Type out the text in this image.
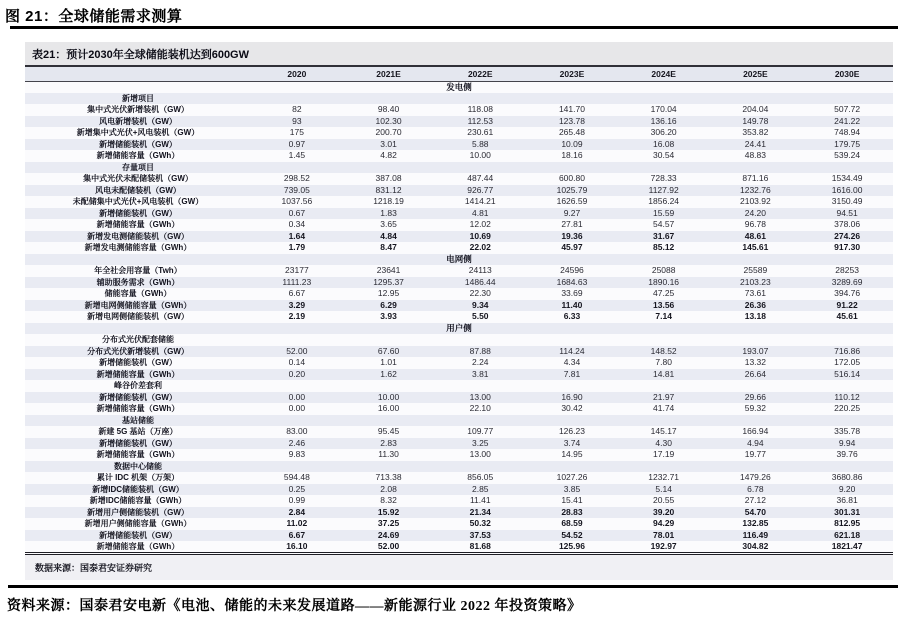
图 21：全球储能需求测算
表21：预计2030年全球储能装机达到600GW
	2020	2021E	2022E	2023E	2024E	2025E	2030E
发电侧							
新增项目							
集中式光伏新增装机（GW）	82	98.40	118.08	141.70	170.04	204.04	507.72
风电新增装机（GW）	93	102.30	112.53	123.78	136.16	149.78	241.22
新增集中式光伏+风电装机（GW）	175	200.70	230.61	265.48	306.20	353.82	748.94
新增储能装机（GW）	0.97	3.01	5.88	10.09	16.08	24.41	179.75
新增储能容量（GWh）	1.45	4.82	10.00	18.16	30.54	48.83	539.24
存量项目							
集中式光伏未配储装机（GW）	298.52	387.08	487.44	600.80	728.33	871.16	1534.49
风电未配储装机（GW）	739.05	831.12	926.77	1025.79	1127.92	1232.76	1616.00
未配储集中式光伏+风电装机（GW）	1037.56	1218.19	1414.21	1626.59	1856.24	2103.92	3150.49
新增储能装机（GW）	0.67	1.83	4.81	9.27	15.59	24.20	94.51
新增储能容量（GWh）	0.34	3.65	12.02	27.81	54.57	96.78	378.06
新增发电测储能装机（GW）	1.64	4.84	10.69	19.36	31.67	48.61	274.26
新增发电测储能容量（GWh）	1.79	8.47	22.02	45.97	85.12	145.61	917.30
电网侧							
年全社会用容量（Twh）	23177	23641	24113	24596	25088	25589	28253
辅助服务需求（GWh）	1111.23	1295.37	1486.44	1684.63	1890.16	2103.23	3289.69
储能容量（GWh）	6.67	12.95	22.30	33.69	47.25	73.61	394.76
新增电网侧储能容量（GWh）	3.29	6.29	9.34	11.40	13.56	26.36	91.22
新增电网侧储能装机（GW）	2.19	3.93	5.50	6.33	7.14	13.18	45.61
用户侧							
分布式光伏配套储能							
分布式光伏新增装机（GW）	52.00	67.60	87.88	114.24	148.52	193.07	716.86
新增储能装机（GW）	0.14	1.01	2.24	4.34	7.80	13.32	172.05
新增储能容量（GWh）	0.20	1.62	3.81	7.81	14.81	26.64	516.14
峰谷价差套利							
新增储能装机（GW）	0.00	10.00	13.00	16.90	21.97	29.66	110.12
新增储能容量（GWh）	0.00	16.00	22.10	30.42	41.74	59.32	220.25
基站储能							
新建 5G 基站（万座）	83.00	95.45	109.77	126.23	145.17	166.94	335.78
新增储能装机（GW）	2.46	2.83	3.25	3.74	4.30	4.94	9.94
新增储能容量（GWh）	9.83	11.30	13.00	14.95	17.19	19.77	39.76
数据中心储能							
累计 IDC 机架（万架）	594.48	713.38	856.05	1027.26	1232.71	1479.26	3680.86
新增IDC储能装机（GW）	0.25	2.08	2.85	3.85	5.14	6.78	9.20
新增IDC储能容量（GWh）	0.99	8.32	11.41	15.41	20.55	27.12	36.81
新增用户侧储能装机（GW）	2.84	15.92	21.34	28.83	39.20	54.70	301.31
新增用户侧储能容量（GWh）	11.02	37.25	50.32	68.59	94.29	132.85	812.95
新增储能装机（GW）	6.67	24.69	37.53	54.52	78.01	116.49	621.18
新增储能容量（GWh）	16.10	52.00	81.68	125.96	192.97	304.82	1821.47
数据来源：国泰君安证券研究
资料来源：国泰君安电新《电池、储能的未来发展道路——新能源行业 2022 年投资策略》
